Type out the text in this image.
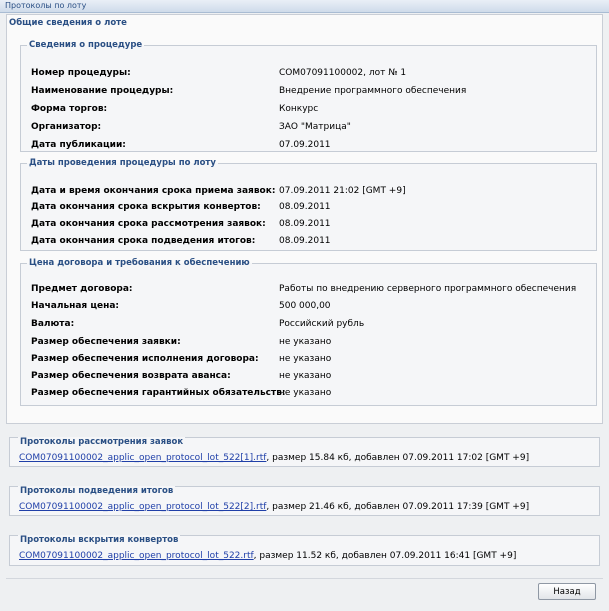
Протоколы по лоту
Общие сведения о лоте
Сведения о процедуре
Номер процедуры:	COM07091100002, лот № 1
Наименование процедуры:	Внедрение программного обеспечения
Форма торгов:	Конкурс
Организатор:	ЗАО "Матрица"
Дата публикации:	07.09.2011
Даты проведения процедуры по лоту
Дата и время окончания срока приема заявок: 07.09.2011 21:02 [GMT +9]
Дата окончания срока вскрытия конвертов: 08.09.2011
Дата окончания срока рассмотрения заявок: 08.09.2011
Дата окончания срока подведения итогов:	08.09.2011
Цена договора и требования к обеспечению
Предмет договора:	Работы по внедрению серверного программного обеспечения
Начальная цена:	500 000,00
Валюта:	Российский рубль
Размер обеспечения заявки:	не указано
Размер обеспечения исполнения договора: не указано
Размер обеспечения возврата аванса:	не указано
Размер обеспечения гарантийных обязательств:
не указано
Протоколы рассмотрения заявок
COM07091100002_applic_open_protocol_lot_522[1].rtf, размер 15.84 кб, добавлен 07.09.2011 17:02 [GMT +9]
Протоколы подведения итогов
COM07091100002_applic_open_protocol_lot_522[2].rtf, размер 21.46 кб, добавлен 07.09.2011 17:39 [GMT +9]
Протоколы вскрытия конвертов
COM07091100002_applic_open_protocol_lot_522.rtf, размер 11.52 кб, добавлен 07.09.2011 16:41 [GMT +9]
Назад
